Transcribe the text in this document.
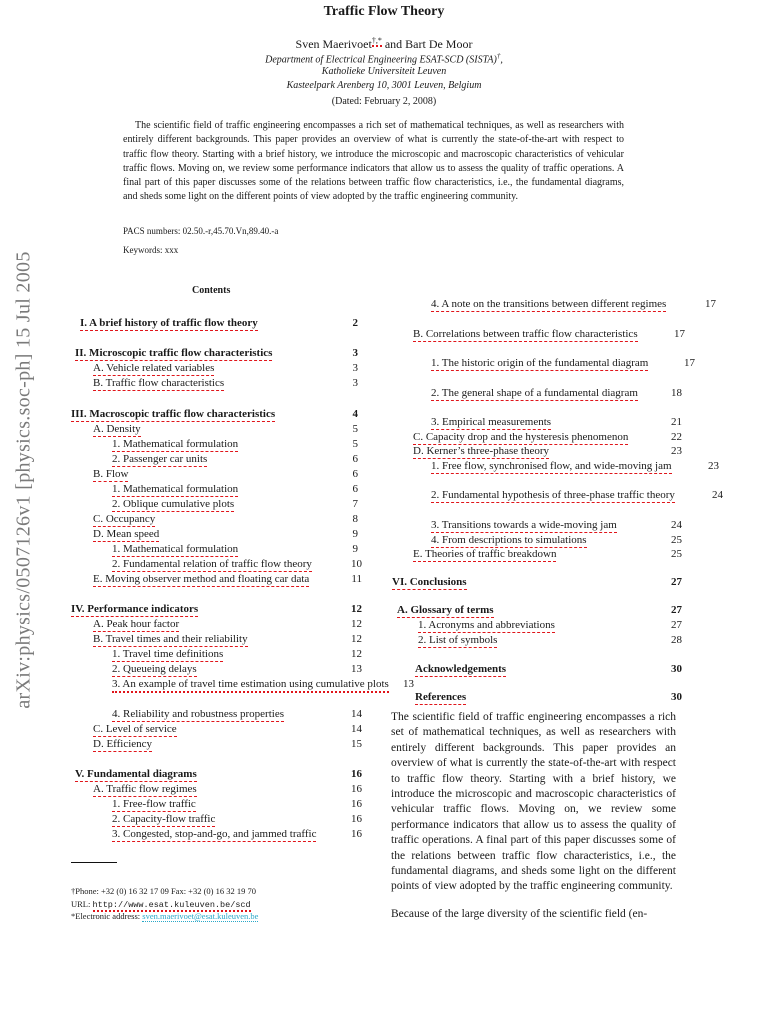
arXiv:physics/0507126v1 [physics.soc-ph] 15 Jul 2005
Traffic Flow Theory
Sven Maerivoet†,* and Bart De Moor
Department of Electrical Engineering ESAT-SCD (SISTA)†,
Katholieke Universiteit Leuven
Kasteelpark Arenberg 10, 3001 Leuven, Belgium
(Dated: February 2, 2008)
The scientific field of traffic engineering encompasses a rich set of mathematical techniques, as well as researchers with entirely different backgrounds. This paper provides an overview of what is currently the state-of-the-art with respect to traffic flow theory. Starting with a brief history, we introduce the microscopic and macroscopic characteristics of vehicular traffic flows. Moving on, we review some performance indicators that allow us to assess the quality of traffic operations. A final part of this paper discusses some of the relations between traffic flow characteristics, i.e., the fundamental diagrams, and sheds some light on the different points of view adopted by the traffic engineering community.
PACS numbers: 02.50.-r,45.70.Vn,89.40.-a
Keywords: xxx
Contents
I. A brief history of traffic flow theory	2
II. Microscopic traffic flow characteristics	3
A. Vehicle related variables	3
B. Traffic flow characteristics	3
III. Macroscopic traffic flow characteristics	4
A. Density	5
1. Mathematical formulation	5
2. Passenger car units	6
B. Flow	6
1. Mathematical formulation	6
2. Oblique cumulative plots	7
C. Occupancy	8
D. Mean speed	9
1. Mathematical formulation	9
2. Fundamental relation of traffic flow theory	10
E. Moving observer method and floating car data	11
IV. Performance indicators	12
A. Peak hour factor	12
B. Travel times and their reliability	12
1. Travel time definitions	12
2. Queueing delays	13
3. An example of travel time estimation using cumulative plots 13
4. Reliability and robustness properties	14
C. Level of service	14
D. Efficiency	15
V. Fundamental diagrams	16
A. Traffic flow regimes	16
1. Free-flow traffic	16
2. Capacity-flow traffic	16
3. Congested, stop-and-go, and jammed traffic	16
4. A note on the transitions between different regimes	17
B. Correlations between traffic flow characteristics	17
1. The historic origin of the fundamental diagram	17
2. The general shape of a fundamental diagram	18
3. Empirical measurements	21
C. Capacity drop and the hysteresis phenomenon	22
D. Kerner’s three-phase theory	23
1. Free flow, synchronised flow, and wide-moving jam	23
2. Fundamental hypothesis of three-phase traffic theory	24
3. Transitions towards a wide-moving jam	24
4. From descriptions to simulations	25
E. Theories of traffic breakdown	25
VI. Conclusions	27
A. Glossary of terms	27
1. Acronyms and abbreviations	27
2. List of symbols	28
Acknowledgements	30
References	30
The scientific field of traffic engineering encompasses a rich set of mathematical techniques, as well as researchers with entirely different backgrounds. This paper provides an overview of what is currently the state-of-the-art with respect to traffic flow theory. Starting with a brief history, we introduce the microscopic and macroscopic characteristics of vehicular traffic flows. Moving on, we review some performance indicators that allow us to assess the quality of traffic operations. A final part of this paper discusses some of the relations between traffic flow characteristics, i.e., the fundamental diagrams, and sheds some light on the different points of view adopted by the traffic engineering community.
Because of the large diversity of the scientific field (en-
†Phone: +32 (0) 16 32 17 09 Fax: +32 (0) 16 32 19 70
URL: http://www.esat.kuleuven.be/scd
*Electronic address: sven.maerivoet@esat.kuleuven.be
